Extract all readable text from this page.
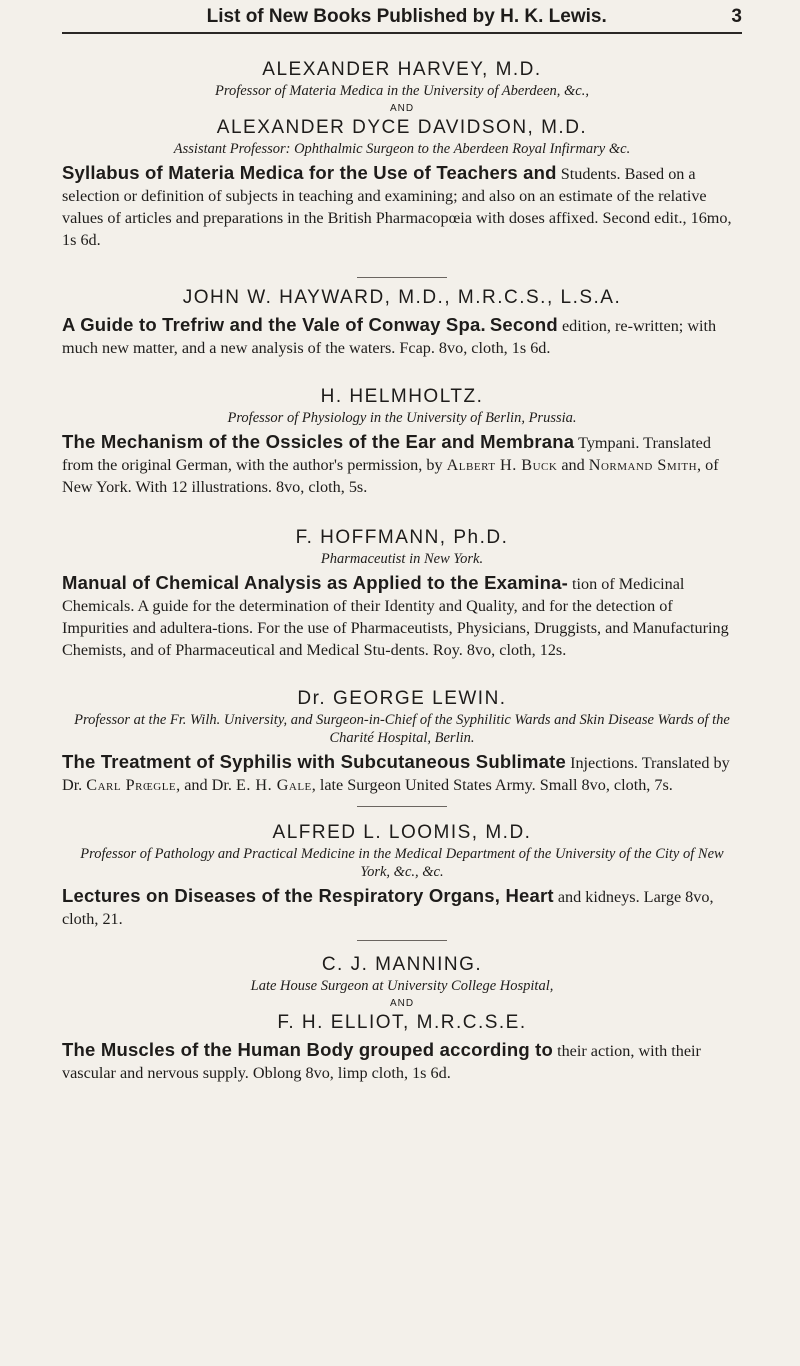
List of New Books Published by H. K. Lewis.	3
ALEXANDER HARVEY, M.D.
Professor of Materia Medica in the University of Aberdeen, &c.,
AND
ALEXANDER DYCE DAVIDSON, M.D.
Assistant Professor: Ophthalmic Surgeon to the Aberdeen Royal Infirmary &c.
Syllabus of Materia Medica for the Use of Teachers and Students. Based on a selection or definition of subjects in teaching and examining; and also on an estimate of the relative values of articles and preparations in the British Pharmacopœia with doses affixed. Second edit., 16mo, 1s 6d.
JOHN W. HAYWARD, M.D., M.R.C.S., L.S.A.
A Guide to Trefriw and the Vale of Conway Spa. Second edition, re-written; with much new matter, and a new analysis of the waters. Fcap. 8vo, cloth, 1s 6d.
H. HELMHOLTZ.
Professor of Physiology in the University of Berlin, Prussia.
The Mechanism of the Ossicles of the Ear and Membrana Tympani. Translated from the original German, with the author's permission, by Albert H. Buck and Normand Smith, of New York. With 12 illustrations. 8vo, cloth, 5s.
F. HOFFMANN, Ph.D.
Pharmaceutist in New York.
Manual of Chemical Analysis as Applied to the Examina- tion of Medicinal Chemicals. A guide for the determination of their Identity and Quality, and for the detection of Impurities and adultera-tions. For the use of Pharmaceutists, Physicians, Druggists, and Manufacturing Chemists, and of Pharmaceutical and Medical Stu-dents. Roy. 8vo, cloth, 12s.
Dr. GEORGE LEWIN.
Professor at the Fr. Wilh. University, and Surgeon-in-Chief of the Syphilitic Wards and Skin Disease Wards of the Charité Hospital, Berlin.
The Treatment of Syphilis with Subcutaneous Sublimate Injections. Translated by Dr. Carl Prœgle, and Dr. E. H. Gale, late Surgeon United States Army. Small 8vo, cloth, 7s.
ALFRED L. LOOMIS, M.D.
Professor of Pathology and Practical Medicine in the Medical Department of the University of the City of New York, &c., &c.
Lectures on Diseases of the Respiratory Organs, Heart and kidneys. Large 8vo, cloth, 21.
C. J. MANNING.
Late House Surgeon at University College Hospital,
AND
F. H. ELLIOT, M.R.C.S.E.
The Muscles of the Human Body grouped according to their action, with their vascular and nervous supply. Oblong 8vo, limp cloth, 1s 6d.
